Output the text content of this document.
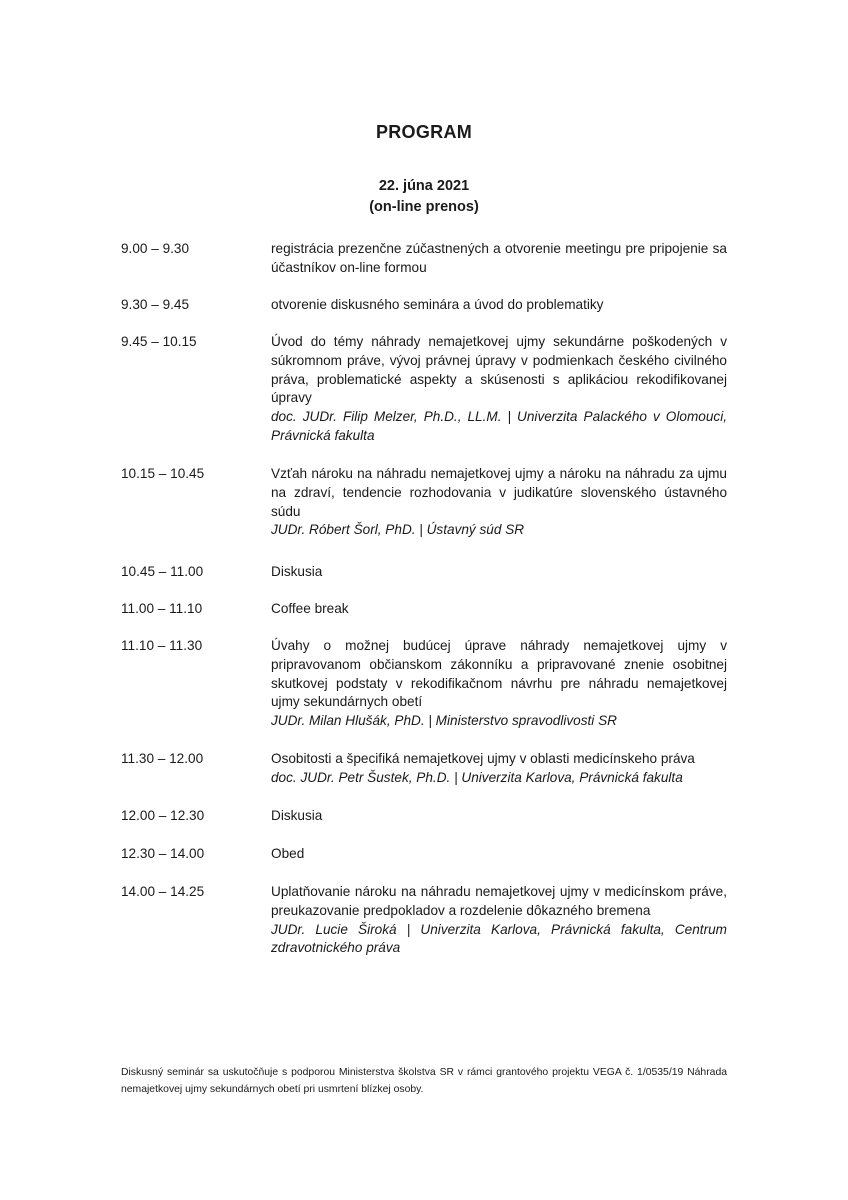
PROGRAM
22. júna 2021
(on-line prenos)
9.00 – 9.30	registrácia prezenčne zúčastnených a otvorenie meetingu pre pripojenie sa účastníkov on-line formou
9.30 – 9.45	otvorenie diskusného seminára a úvod do problematiky
9.45 – 10.15	Úvod do témy náhrady nemajetkovej ujmy sekundárne poškodených v súkromnom práve, vývoj právnej úpravy v podmienkach českého civilného práva, problematické aspekty a skúsenosti s aplikáciou rekodifikovanej úpravy
doc. JUDr. Filip Melzer, Ph.D., LL.M. | Univerzita Palackého v Olomouci, Právnická fakulta
10.15 – 10.45	Vzťah nároku na náhradu nemajetkovej ujmy a nároku na náhradu za ujmu na zdraví, tendencie rozhodovania v judikatúre slovenského ústavného súdu
JUDr. Róbert Šorl, PhD. | Ústavný súd SR
10.45 – 11.00	Diskusia
11.00 – 11.10	Coffee break
11.10 – 11.30	Úvahy o možnej budúcej úprave náhrady nemajetkovej ujmy v pripravovanom občianskom zákonníku a pripravované znenie osobitnej skutkovej podstaty v rekodifikačnom návrhu pre náhradu nemajetkovej ujmy sekundárnych obetí
JUDr. Milan Hlušák, PhD. | Ministerstvo spravodlivosti SR
11.30 – 12.00	Osobitosti a špecifiká nemajetkovej ujmy v oblasti medicínskeho práva
doc. JUDr. Petr Šustek, Ph.D. | Univerzita Karlova, Právnická fakulta
12.00 – 12.30	Diskusia
12.30 – 14.00	Obed
14.00 – 14.25	Uplatňovanie nároku na náhradu nemajetkovej ujmy v medicínskom práve, preukazovanie predpokladov a rozdelenie dôkazného bremena
JUDr. Lucie Široká | Univerzita Karlova, Právnická fakulta, Centrum zdravotnického práva
Diskusný seminár sa uskutočňuje s podporou Ministerstva školstva SR v rámci grantového projektu VEGA č. 1/0535/19 Náhrada nemajetkovej ujmy sekundárnych obetí pri usmrtení blízkej osoby.
